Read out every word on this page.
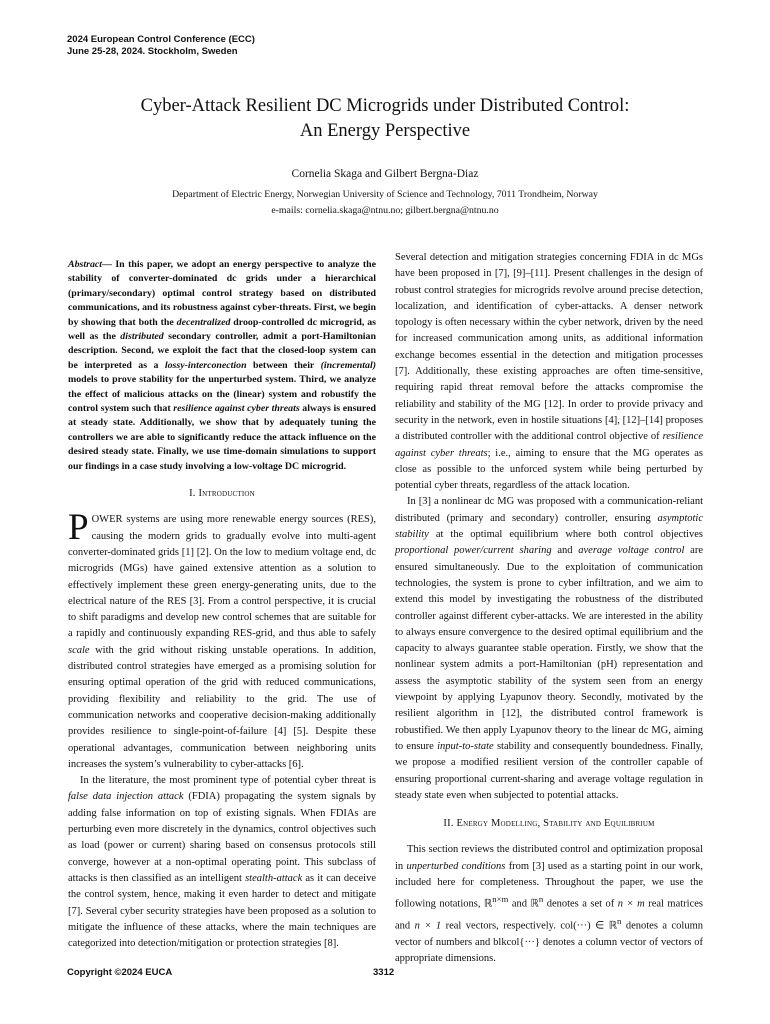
2024 European Control Conference (ECC)
June 25-28, 2024. Stockholm, Sweden
Cyber-Attack Resilient DC Microgrids under Distributed Control:
An Energy Perspective
Cornelia Skaga and Gilbert Bergna-Diaz
Department of Electric Energy, Norwegian University of Science and Technology, 7011 Trondheim, Norway
e-mails: cornelia.skaga@ntnu.no; gilbert.bergna@ntnu.no
Abstract— In this paper, we adopt an energy perspective to analyze the stability of converter-dominated dc grids under a hierarchical (primary/secondary) optimal control strategy based on distributed communications, and its robustness against cyber-threats. First, we begin by showing that both the decentralized droop-controlled dc microgrid, as well as the distributed secondary controller, admit a port-Hamiltonian description. Second, we exploit the fact that the closed-loop system can be interpreted as a lossy-interconection between their (incremental) models to prove stability for the unperturbed system. Third, we analyze the effect of malicious attacks on the (linear) system and robustify the control system such that resilience against cyber threats always is ensured at steady state. Additionally, we show that by adequately tuning the controllers we are able to significantly reduce the attack influence on the desired steady state. Finally, we use time-domain simulations to support our findings in a case study involving a low-voltage DC microgrid.
I. Introduction

POWER systems are using more renewable energy sources (RES), causing the modern grids to gradually evolve into multi-agent converter-dominated grids [1] [2]. On the low to medium voltage end, dc microgrids (MGs) have gained extensive attention as a solution to effectively implement these green energy-generating units, due to the electrical nature of the RES [3]. From a control perspective, it is crucial to shift paradigms and develop new control schemes that are suitable for a rapidly and continuously expanding RES-grid, and thus able to safely scale with the grid without risking unstable operations. In addition, distributed control strategies have emerged as a promising solution for ensuring optimal operation of the grid with reduced communications, providing flexibility and reliability to the grid. The use of communication networks and cooperative decision-making additionally provides resilience to single-point-of-failure [4] [5]. Despite these operational advantages, communication between neighboring units increases the system’s vulnerability to cyber-attacks [6].

In the literature, the most prominent type of potential cyber threat is false data injection attack (FDIA) propagating the system signals by adding false information on top of existing signals. When FDIAs are perturbing even more discretely in the dynamics, control objectives such as load (power or current) sharing based on consensus protocols still converge, however at a non-optimal operating point. This subclass of attacks is then classified as an intelligent stealth-attack as it can deceive the control system, hence, making it even harder to detect and mitigate [7]. Several cyber security strategies have been proposed as a solution to mitigate the influence of these attacks, where the main techniques are categorized into detection/mitigation or protection strategies [8].

Several detection and mitigation strategies concerning FDIA in dc MGs have been proposed in [7], [9]–[11]. Present challenges in the design of robust control strategies for microgrids revolve around precise detection, localization, and identification of cyber-attacks. A denser network topology is often necessary within the cyber network, driven by the need for increased communication among units, as additional information exchange becomes essential in the detection and mitigation processes [7]. Additionally, these existing approaches are often time-sensitive, requiring rapid threat removal before the attacks compromise the reliability and stability of the MG [12]. In order to provide privacy and security in the network, even in hostile situations [4], [12]–[14] proposes a distributed controller with the additional control objective of resilience against cyber threats; i.e., aiming to ensure that the MG operates as close as possible to the unforced system while being perturbed by potential cyber threats, regardless of the attack location.

In [3] a nonlinear dc MG was proposed with a communication-reliant distributed (primary and secondary) controller, ensuring asymptotic stability at the optimal equilibrium where both control objectives proportional power/current sharing and average voltage control are ensured simultaneously. Due to the exploitation of communication technologies, the system is prone to cyber infiltration, and we aim to extend this model by investigating the robustness of the distributed controller against different cyber-attacks. We are interested in the ability to always ensure convergence to the desired optimal equilibrium and the capacity to always guarantee stable operation. Firstly, we show that the nonlinear system admits a port-Hamiltonian (pH) representation and assess the asymptotic stability of the system seen from an energy viewpoint by applying Lyapunov theory. Secondly, motivated by the resilient algorithm in [12], the distributed control framework is robustified. We then apply Lyapunov theory to the linear dc MG, aiming to ensure input-to-state stability and consequently boundedness. Finally, we propose a modified resilient version of the controller capable of ensuring proportional current-sharing and average voltage regulation in steady state even when subjected to potential attacks.

II. Energy Modelling, Stability and Equilibrium

This section reviews the distributed control and optimization proposal in unperturbed conditions from [3] used as a starting point in our work, included here for completeness. Throughout the paper, we use the following notations, ℝ$^{n\times m}$ and ℝ$^n$ denotes a set of n × m real matrices and n × 1 real vectors, respectively. col(···) ∈ ℝ$^n$ denotes a column vector of numbers and blkcol{···} denotes a column vector of vectors of appropriate dimensions.

Copyright ©2024 EUCA	3312
